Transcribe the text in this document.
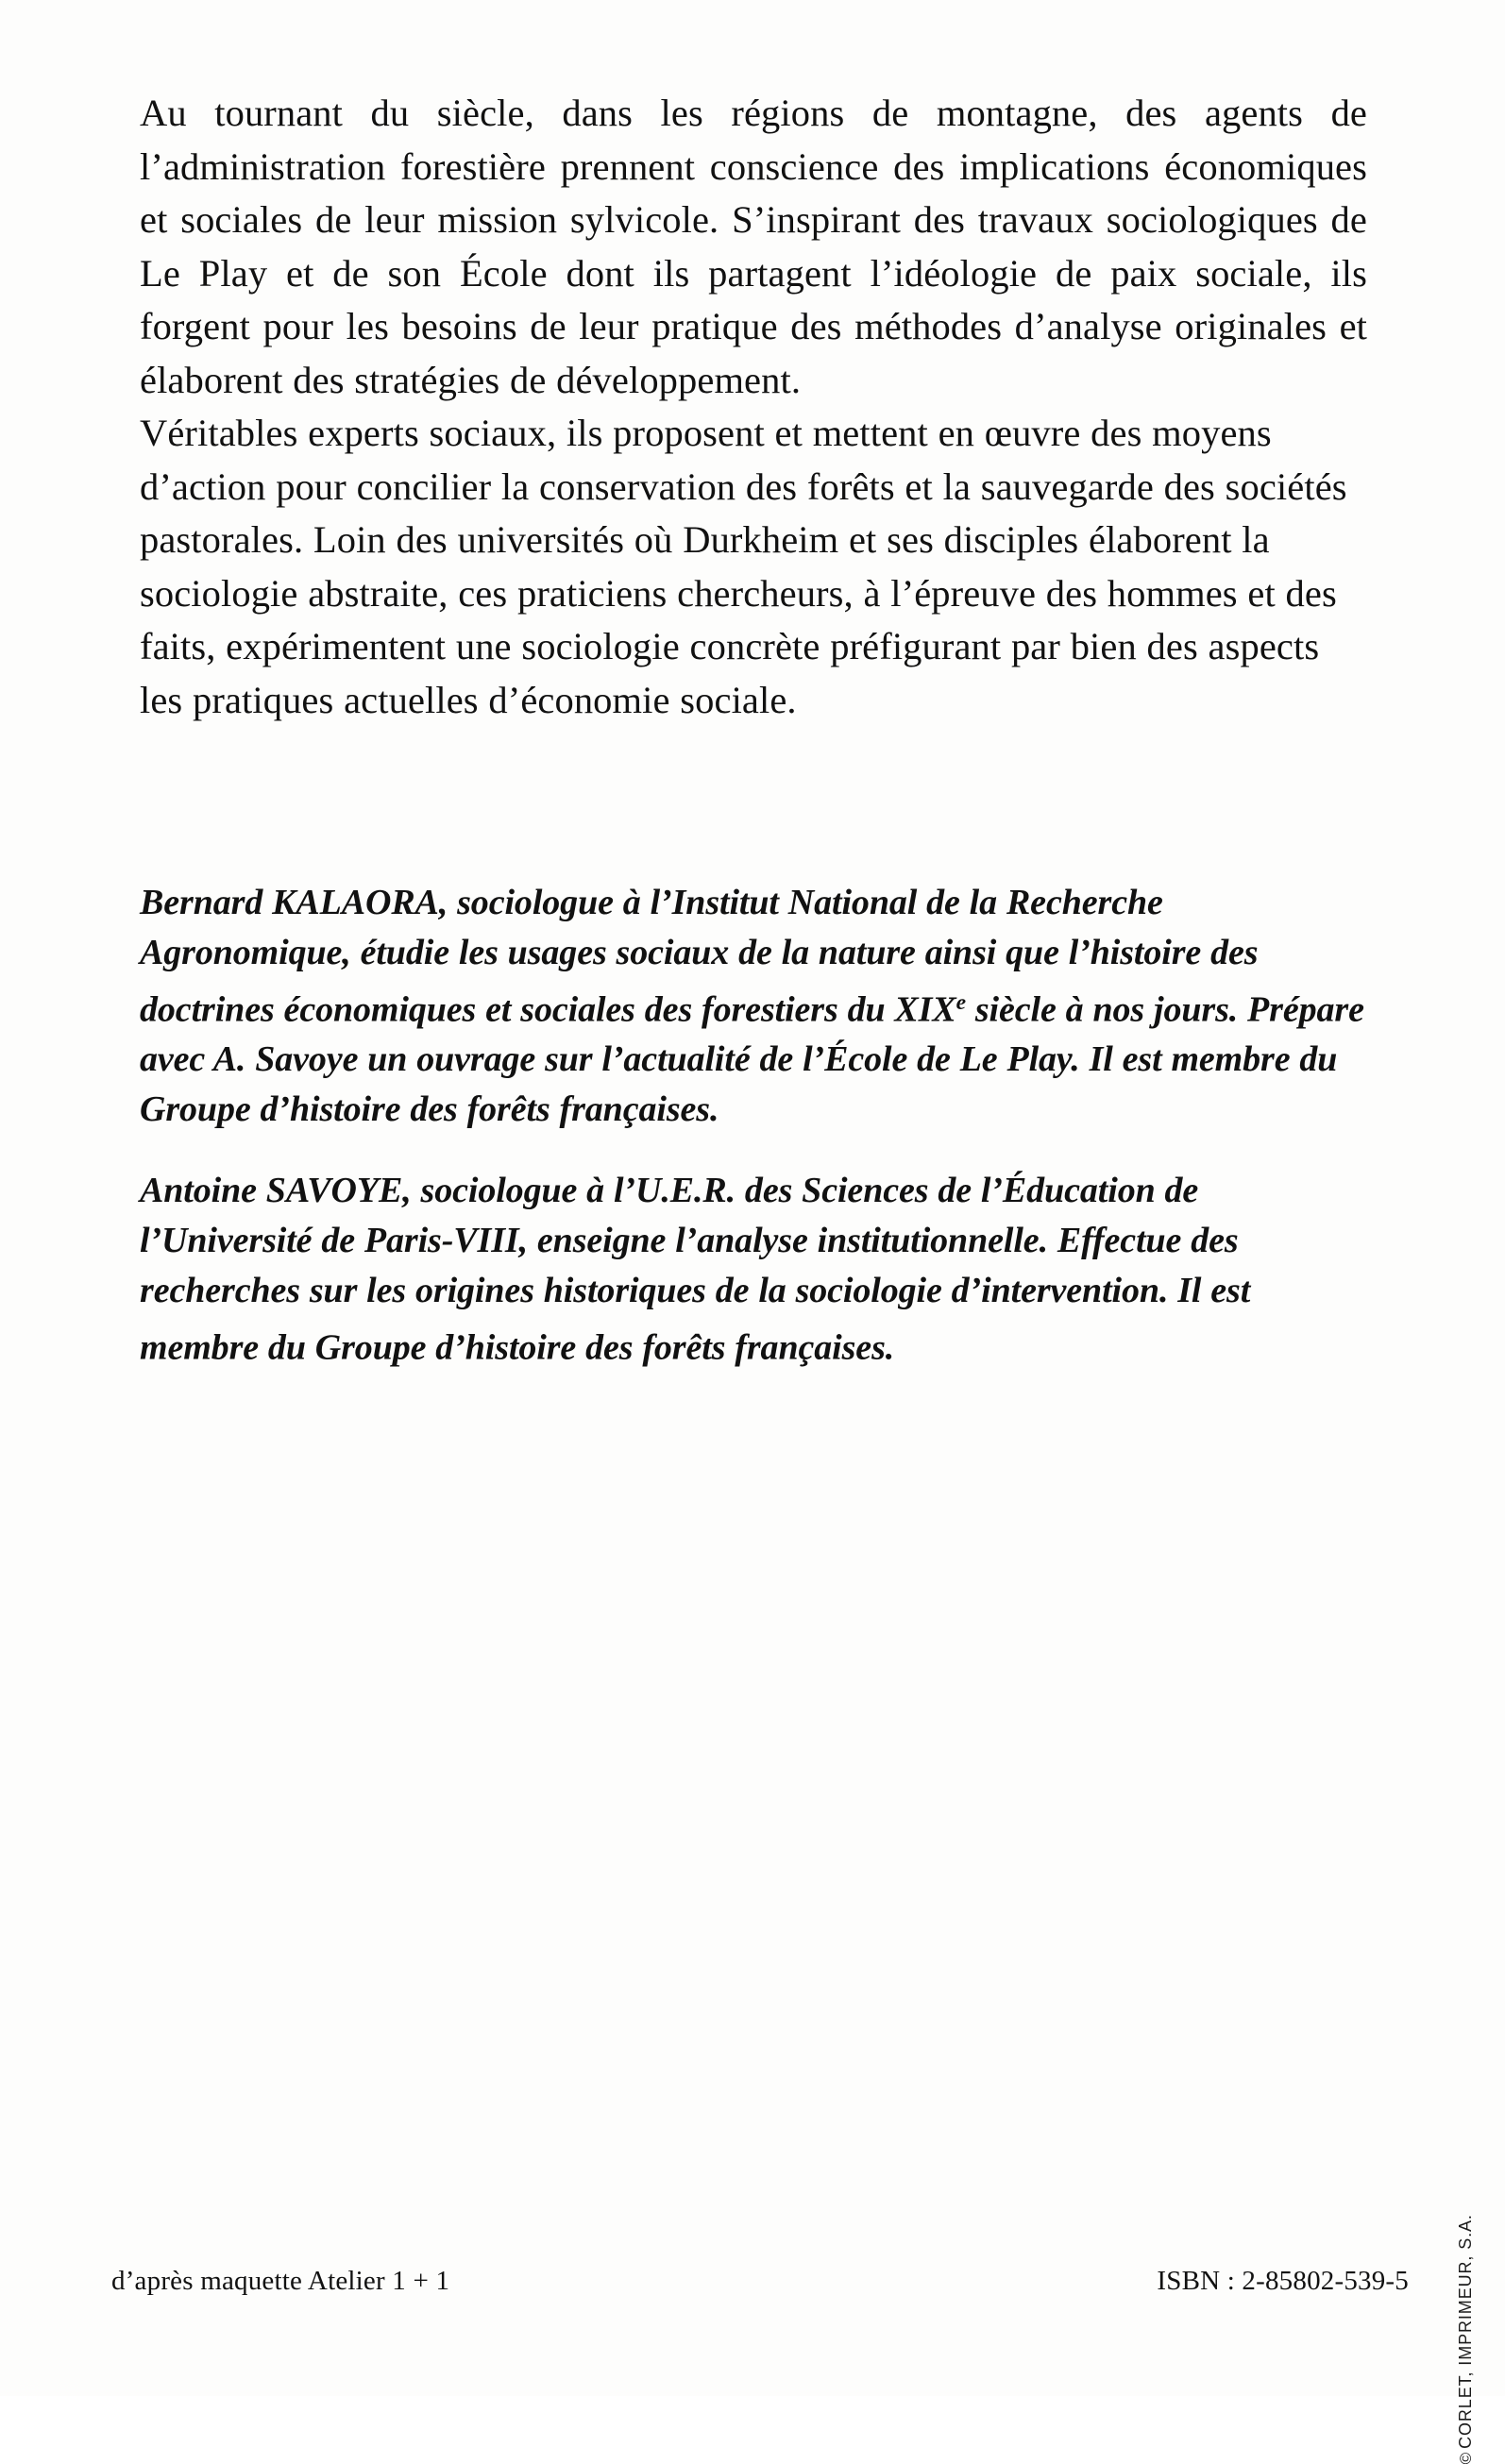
Au tournant du siècle, dans les régions de montagne, des agents de l’administration forestière prennent conscience des implications économiques et sociales de leur mission sylvicole. S’inspirant des travaux sociologiques de Le Play et de son École dont ils partagent l’idéologie de paix sociale, ils forgent pour les besoins de leur pratique des méthodes d’analyse originales et élaborent des stratégies de développement.

Véritables experts sociaux, ils proposent et mettent en œuvre des moyens d’action pour concilier la conservation des forêts et la sauvegarde des sociétés pastorales. Loin des universités où Durkheim et ses disciples élaborent la sociologie abstraite, ces praticiens chercheurs, à l’épreuve des hommes et des faits, expérimentent une sociologie concrète préfigurant par bien des aspects les pratiques actuelles d’économie sociale.

Bernard KALAORA, sociologue à l’Institut National de la Recherche Agronomique, étudie les usages sociaux de la nature ainsi que l’histoire des doctrines économiques et sociales des forestiers du XIXe siècle à nos jours. Prépare avec A. Savoye un ouvrage sur l’actualité de l’École de Le Play. Il est membre du Groupe d’histoire des forêts françaises.

Antoine SAVOYE, sociologue à l’U.E.R. des Sciences de l’Éducation de l’Université de Paris-VIII, enseigne l’analyse institutionnelle. Effectue des recherches sur les origines historiques de la sociologie d’intervention. Il est membre du Groupe d’histoire des forêts françaises.

©CORLET, IMPRIMEUR, S.A.
d’après maquette Atelier 1 + 1	ISBN : 2-85802-539-5
